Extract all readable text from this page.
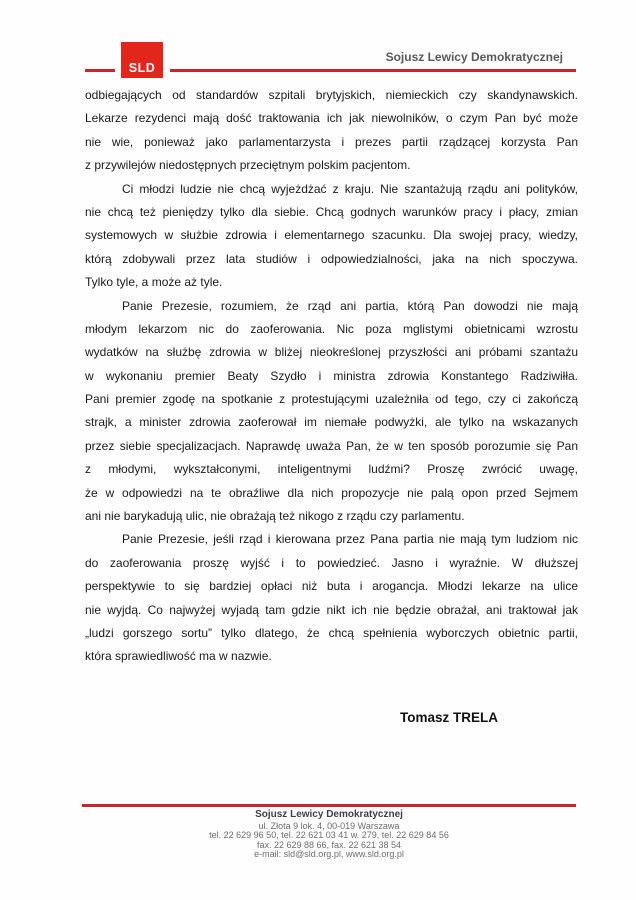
SLD
Sojusz Lewicy Demokratycznej
odbiegających od standardów szpitali brytyjskich, niemieckich czy skandynawskich.
Lekarze rezydenci mają dość traktowania ich jak niewolników, o czym Pan być może
nie wie, ponieważ jako parlamentarzysta i prezes partii rządzącej korzysta Pan
z przywilejów niedostępnych przeciętnym polskim pacjentom.
Ci młodzi ludzie nie chcą wyjeżdżać z kraju. Nie szantażują rządu ani polityków,
nie chcą też pieniędzy tylko dla siebie. Chcą godnych warunków pracy i płacy, zmian
systemowych w służbie zdrowia i elementarnego szacunku. Dla swojej pracy, wiedzy,
którą zdobywali przez lata studiów i odpowiedzialności, jaka na nich spoczywa.
Tylko tyle, a może aż tyle.
Panie Prezesie, rozumiem, że rząd ani partia, którą Pan dowodzi nie mają
młodym lekarzom nic do zaoferowania. Nic poza mglistymi obietnicami wzrostu
wydatków na służbę zdrowia w bliżej nieokreślonej przyszłości ani próbami szantażu
w wykonaniu premier Beaty Szydło i ministra zdrowia Konstantego Radziwiłła.
Pani premier zgodę na spotkanie z protestującymi uzależniła od tego, czy ci zakończą
strajk, a minister zdrowia zaoferował im niemałe podwyżki, ale tylko na wskazanych
przez siebie specjalizacjach. Naprawdę uważa Pan, że w ten sposób porozumie się Pan
z młodymi, wykształconymi, inteligentnymi ludźmi? Proszę zwrócić uwagę,
że w odpowiedzi na te obraźliwe dla nich propozycje nie palą opon przed Sejmem
ani nie barykadują ulic, nie obrażają też nikogo z rządu czy parlamentu.
Panie Prezesie, jeśli rząd i kierowana przez Pana partia nie mają tym ludziom nic
do zaoferowania proszę wyjść i to powiedzieć. Jasno i wyraźnie. W dłuższej
perspektywie to się bardziej opłaci niż buta i arogancja. Młodzi lekarze na ulice
nie wyjdą. Co najwyżej wyjadą tam gdzie nikt ich nie będzie obrażał, ani traktował jak
„ludzi gorszego sortu” tylko dlatego, że chcą spełnienia wyborczych obietnic partii,
która sprawiedliwość ma w nazwie.
Tomasz TRELA
Sojusz Lewicy Demokratycznej
ul. Złota 9 lok. 4, 00-019 Warszawa
tel. 22 629 96 50, tel. 22 621 03 41 w. 279, tel. 22 629 84 56
fax. 22 629 88 66, fax. 22 621 38 54
e-mail: sld@sld.org.pl, www.sld.org.pl
